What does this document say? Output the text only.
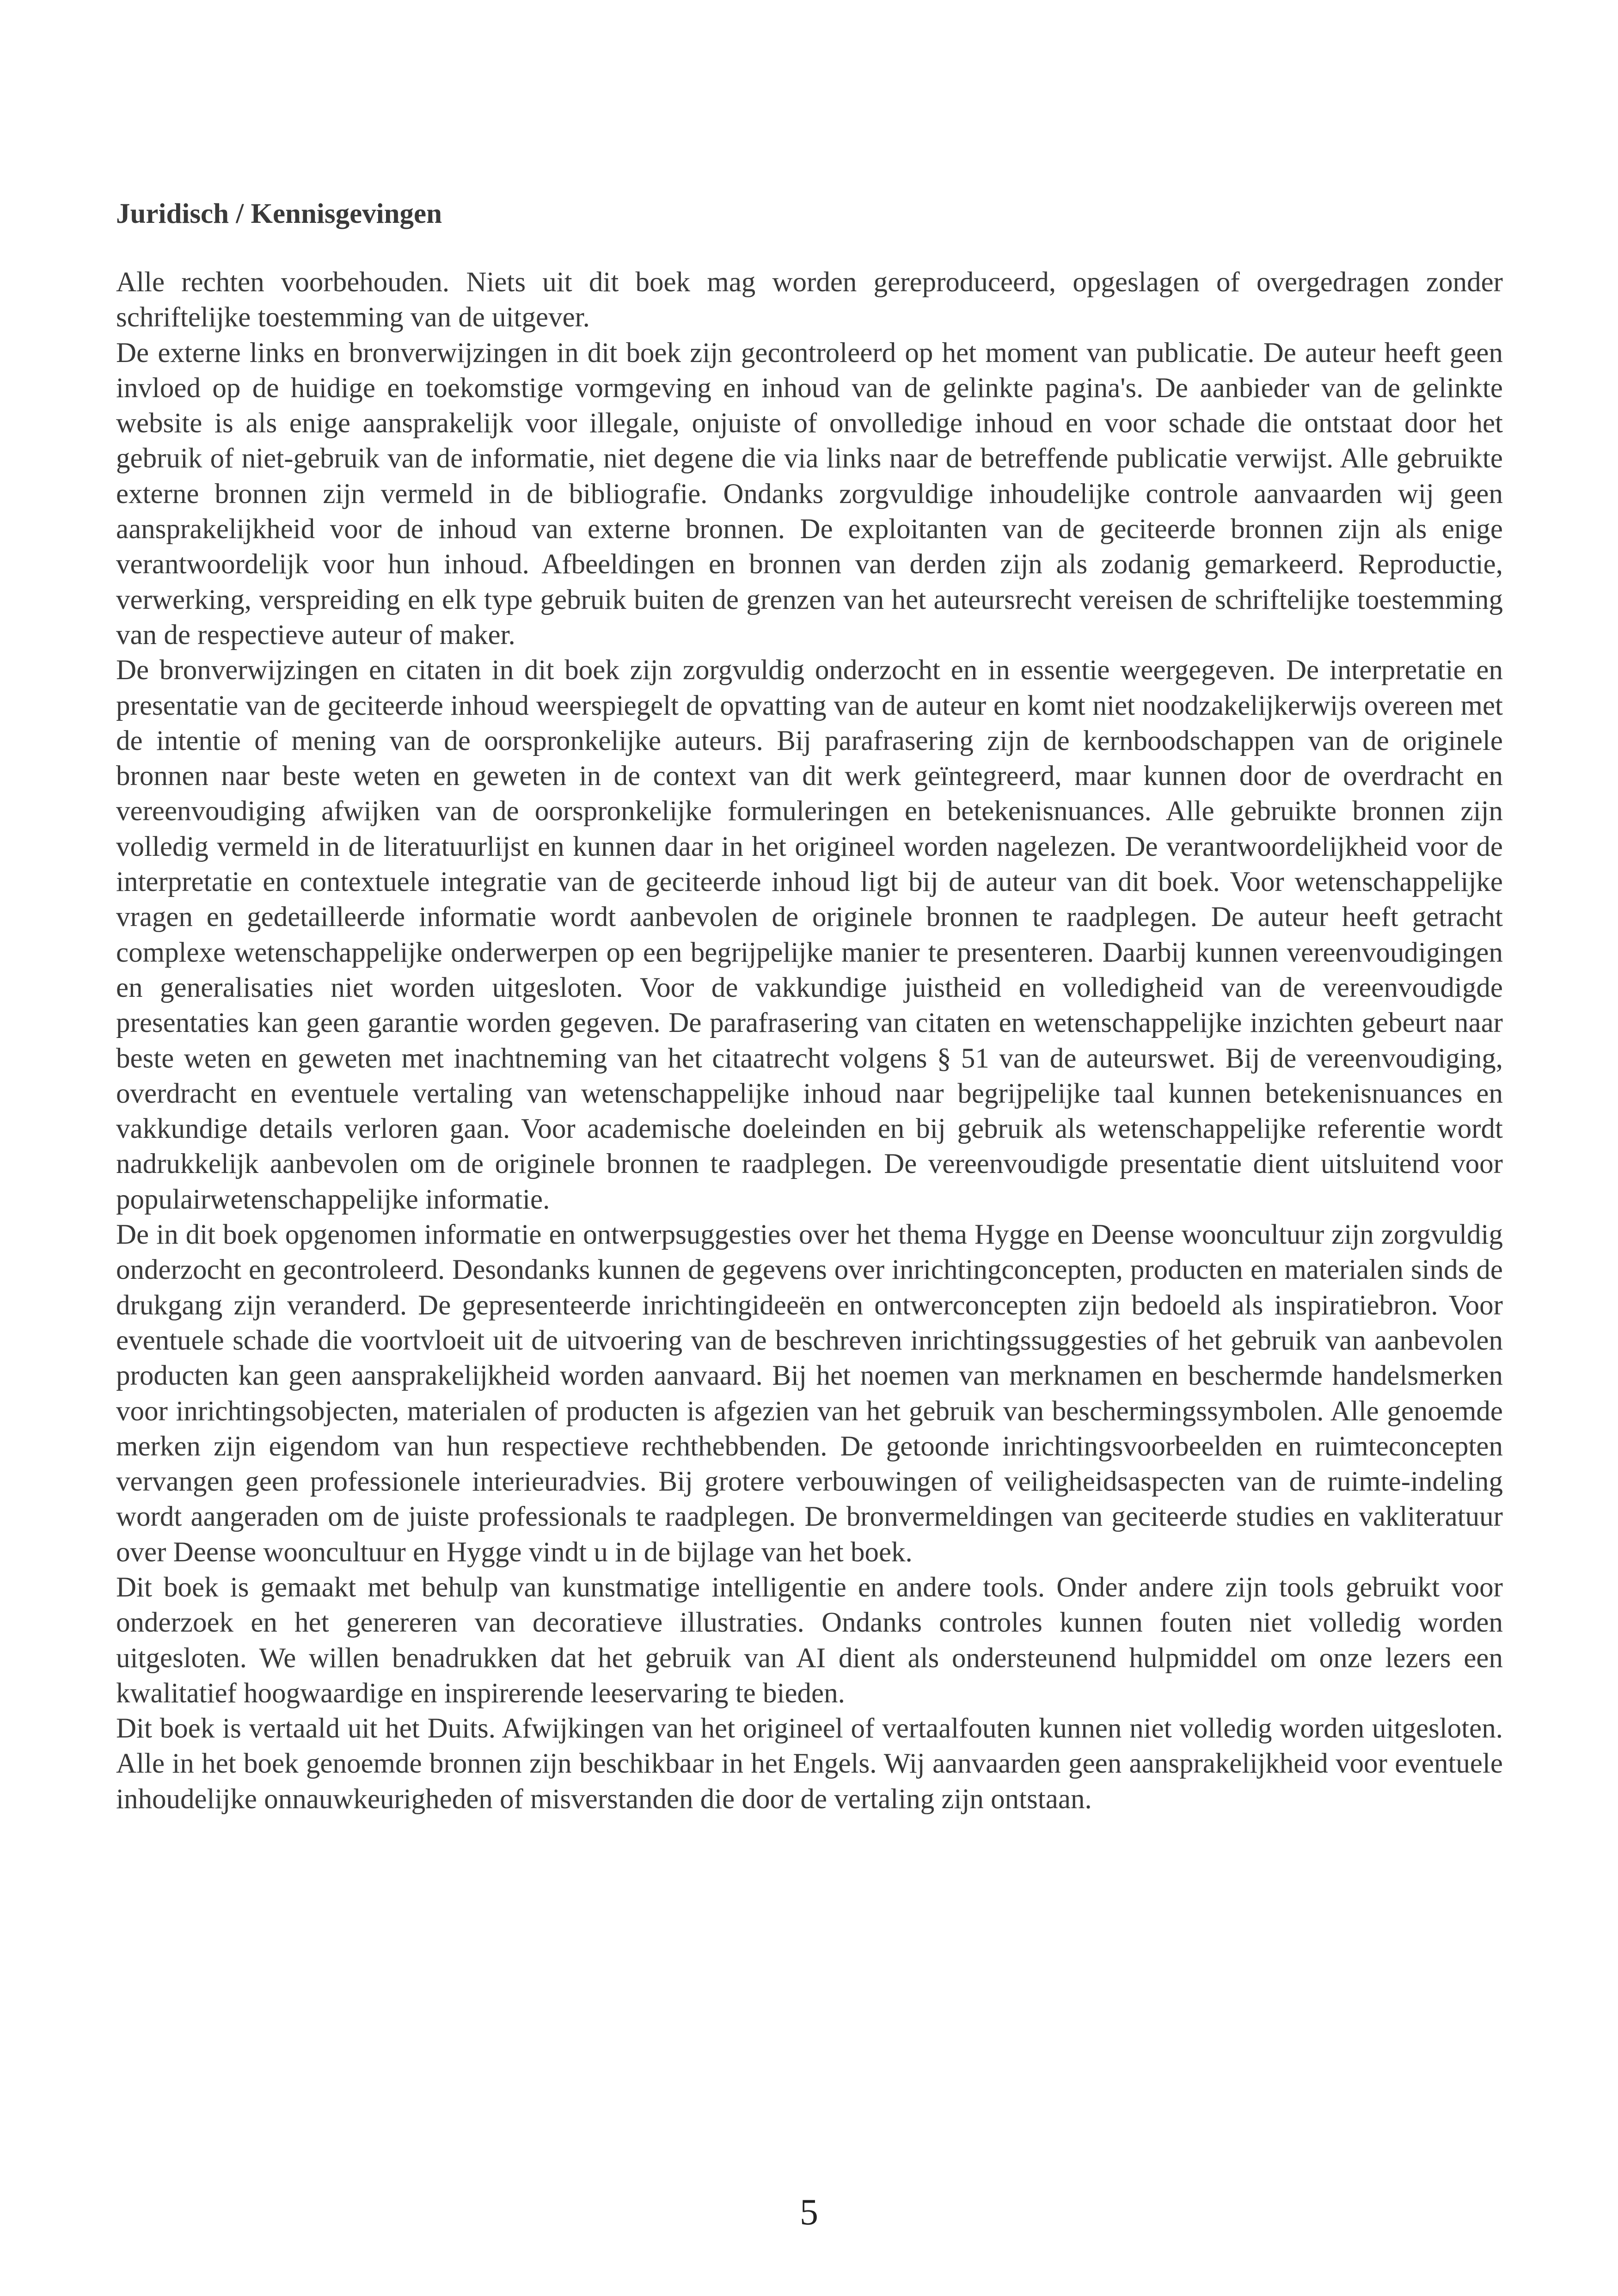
Juridisch / Kennisgevingen

Alle rechten voorbehouden. Niets uit dit boek mag worden gereproduceerd, opgeslagen of overgedragen zonder schriftelijke toestemming van de uitgever.

De externe links en bronverwijzingen in dit boek zijn gecontroleerd op het moment van publicatie. De auteur heeft geen invloed op de huidige en toekomstige vormgeving en inhoud van de gelinkte pagina's. De aanbieder van de gelinkte website is als enige aansprakelijk voor illegale, onjuiste of onvolledige inhoud en voor schade die ontstaat door het gebruik of niet-gebruik van de informatie, niet degene die via links naar de betreffende publicatie verwijst. Alle gebruikte externe bronnen zijn vermeld in de bibliografie. Ondanks zorgvuldige inhoudelijke controle aanvaarden wij geen aansprakelijkheid voor de inhoud van externe bronnen. De exploitanten van de geciteerde bronnen zijn als enige verantwoordelijk voor hun inhoud. Afbeeldingen en bronnen van derden zijn als zodanig gemarkeerd. Reproductie, verwerking, verspreiding en elk type gebruik buiten de grenzen van het auteursrecht vereisen de schriftelijke toestemming van de respectieve auteur of maker.

De bronverwijzingen en citaten in dit boek zijn zorgvuldig onderzocht en in essentie weergegeven. De interpretatie en presentatie van de geciteerde inhoud weerspiegelt de opvatting van de auteur en komt niet noodzakelijkerwijs overeen met de intentie of mening van de oorspronkelijke auteurs. Bij parafrasering zijn de kernboodschappen van de originele bronnen naar beste weten en geweten in de context van dit werk geïntegreerd, maar kunnen door de overdracht en vereenvoudiging afwijken van de oorspronkelijke formuleringen en betekenisnuances. Alle gebruikte bronnen zijn volledig vermeld in de literatuurlijst en kunnen daar in het origineel worden nagelezen. De verantwoordelijkheid voor de interpretatie en contextuele integratie van de geciteerde inhoud ligt bij de auteur van dit boek. Voor wetenschappelijke vragen en gedetailleerde informatie wordt aanbevolen de originele bronnen te raadplegen. De auteur heeft getracht complexe wetenschappelijke onderwerpen op een begrijpelijke manier te presenteren. Daarbij kunnen vereenvoudigingen en generalisaties niet worden uitgesloten. Voor de vakkundige juistheid en volledigheid van de vereenvoudigde presentaties kan geen garantie worden gegeven. De parafrasering van citaten en wetenschappelijke inzichten gebeurt naar beste weten en geweten met inachtneming van het citaatrecht volgens § 51 van de auteurswet. Bij de vereenvoudiging, overdracht en eventuele vertaling van wetenschappelijke inhoud naar begrijpelijke taal kunnen betekenisnuances en vakkundige details verloren gaan. Voor academische doeleinden en bij gebruik als wetenschappelijke referentie wordt nadrukkelijk aanbevolen om de originele bronnen te raadplegen. De vereenvoudigde presentatie dient uitsluitend voor populairwetenschappelijke informatie.

De in dit boek opgenomen informatie en ontwerpsuggesties over het thema Hygge en Deense wooncultuur zijn zorgvuldig onderzocht en gecontroleerd. Desondanks kunnen de gegevens over inrichtingconcepten, producten en materialen sinds de drukgang zijn veranderd. De gepresenteerde inrichtingideeën en ontwerconcepten zijn bedoeld als inspiratiebron. Voor eventuele schade die voortvloeit uit de uitvoering van de beschreven inrichtingssuggesties of het gebruik van aanbevolen producten kan geen aansprakelijkheid worden aanvaard. Bij het noemen van merknamen en beschermde handelsmerken voor inrichtingsobjecten, materialen of producten is afgezien van het gebruik van beschermingssymbolen. Alle genoemde merken zijn eigendom van hun respectieve rechthebbenden. De getoonde inrichtingsvoorbeelden en ruimteconcepten vervangen geen professionele interieuradvies. Bij grotere verbouwingen of veiligheidsaspecten van de ruimte-indeling wordt aangeraden om de juiste professionals te raadplegen. De bronvermeldingen van geciteerde studies en vakliteratuur over Deense wooncultuur en Hygge vindt u in de bijlage van het boek.

Dit boek is gemaakt met behulp van kunstmatige intelligentie en andere tools. Onder andere zijn tools gebruikt voor onderzoek en het genereren van decoratieve illustraties. Ondanks controles kunnen fouten niet volledig worden uitgesloten. We willen benadrukken dat het gebruik van AI dient als ondersteunend hulpmiddel om onze lezers een kwalitatief hoogwaardige en inspirerende leeservaring te bieden.

Dit boek is vertaald uit het Duits. Afwijkingen van het origineel of vertaalfouten kunnen niet volledig worden uitgesloten. Alle in het boek genoemde bronnen zijn beschikbaar in het Engels. Wij aanvaarden geen aansprakelijkheid voor eventuele inhoudelijke onnauwkeurigheden of misverstanden die door de vertaling zijn ontstaan.

5
